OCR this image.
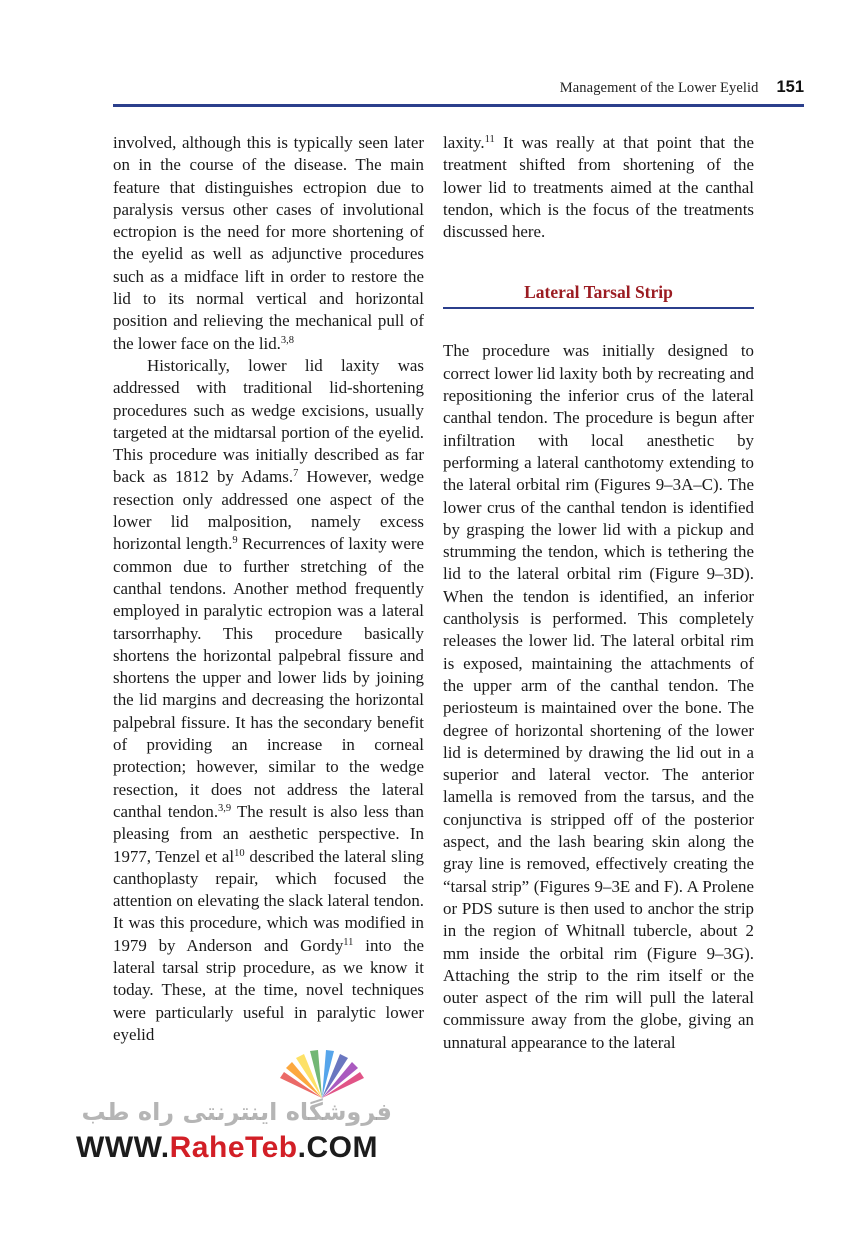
Management of the Lower Eyelid 151

involved, although this is typically seen later on in the course of the disease. The main feature that distinguishes ectropion due to paralysis versus other cases of involutional ectropion is the need for more shortening of the eyelid as well as adjunctive procedures such as a midface lift in order to restore the lid to its normal vertical and horizontal position and relieving the mechanical pull of the lower face on the lid.$^{3,8}$

Historically, lower lid laxity was addressed with traditional lid-shortening procedures such as wedge excisions, usually targeted at the midtarsal portion of the eyelid. This procedure was initially described as far back as 1812 by Adams.$^7$ However, wedge resection only addressed one aspect of the lower lid malposition, namely excess horizontal length.$^9$ Recurrences of laxity were common due to further stretching of the canthal tendons. Another method frequently employed in paralytic ectropion was a lateral tarsorrhaphy. This procedure basically shortens the horizontal palpebral fissure and shortens the upper and lower lids by joining the lid margins and decreasing the horizontal palpebral fissure. It has the secondary benefit of providing an increase in corneal protection; however, similar to the wedge resection, it does not address the lateral canthal tendon.$^{3,9}$ The result is also less than pleasing from an aesthetic perspective. In 1977, Tenzel et $al^{10}$ described the lateral sling canthoplasty repair, which focused the attention on elevating the slack lateral tendon. It was this procedure, which was modified in 1979 by Anderson and Gordy$^{11}$ into the lateral tarsal strip procedure, as we know it today. These, at the time, novel techniques were particularly useful in paralytic lower eyelid

laxity.$^{11}$ It was really at that point that the treatment shifted from shortening of the lower lid to treatments aimed at the canthal tendon, which is the focus of the treatments discussed here.

Lateral Tarsal Strip

The procedure was initially designed to correct lower lid laxity both by recreating and repositioning the inferior crus of the lateral canthal tendon. The procedure is begun after infiltration with local anesthetic by performing a lateral canthotomy extending to the lateral orbital rim (Figures 9–3A–C). The lower crus of the canthal tendon is identified by grasping the lower lid with a pickup and strumming the tendon, which is tethering the lid to the lateral orbital rim (Figure 9–3D). When the tendon is identified, an inferior cantholysis is performed. This completely releases the lower lid. The lateral orbital rim is exposed, maintaining the attachments of the upper arm of the canthal tendon. The periosteum is maintained over the bone. The degree of horizontal shortening of the lower lid is determined by drawing the lid out in a superior and lateral vector. The anterior lamella is removed from the tarsus, and the conjunctiva is stripped off of the posterior aspect, and the lash bearing skin along the gray line is removed, effectively creating the “tarsal strip” (Figures 9–3E and F). A Prolene or PDS suture is then used to anchor the strip in the region of Whitnall tubercle, about 2 mm inside the orbital rim (Figure 9–3G). Attaching the strip to the rim itself or the outer aspect of the rim will pull the lateral commissure away from the globe, giving an unnatural appearance to the lateral

فروشگاه اینترنتی راه طب
WWW.RaheTeb.COM
